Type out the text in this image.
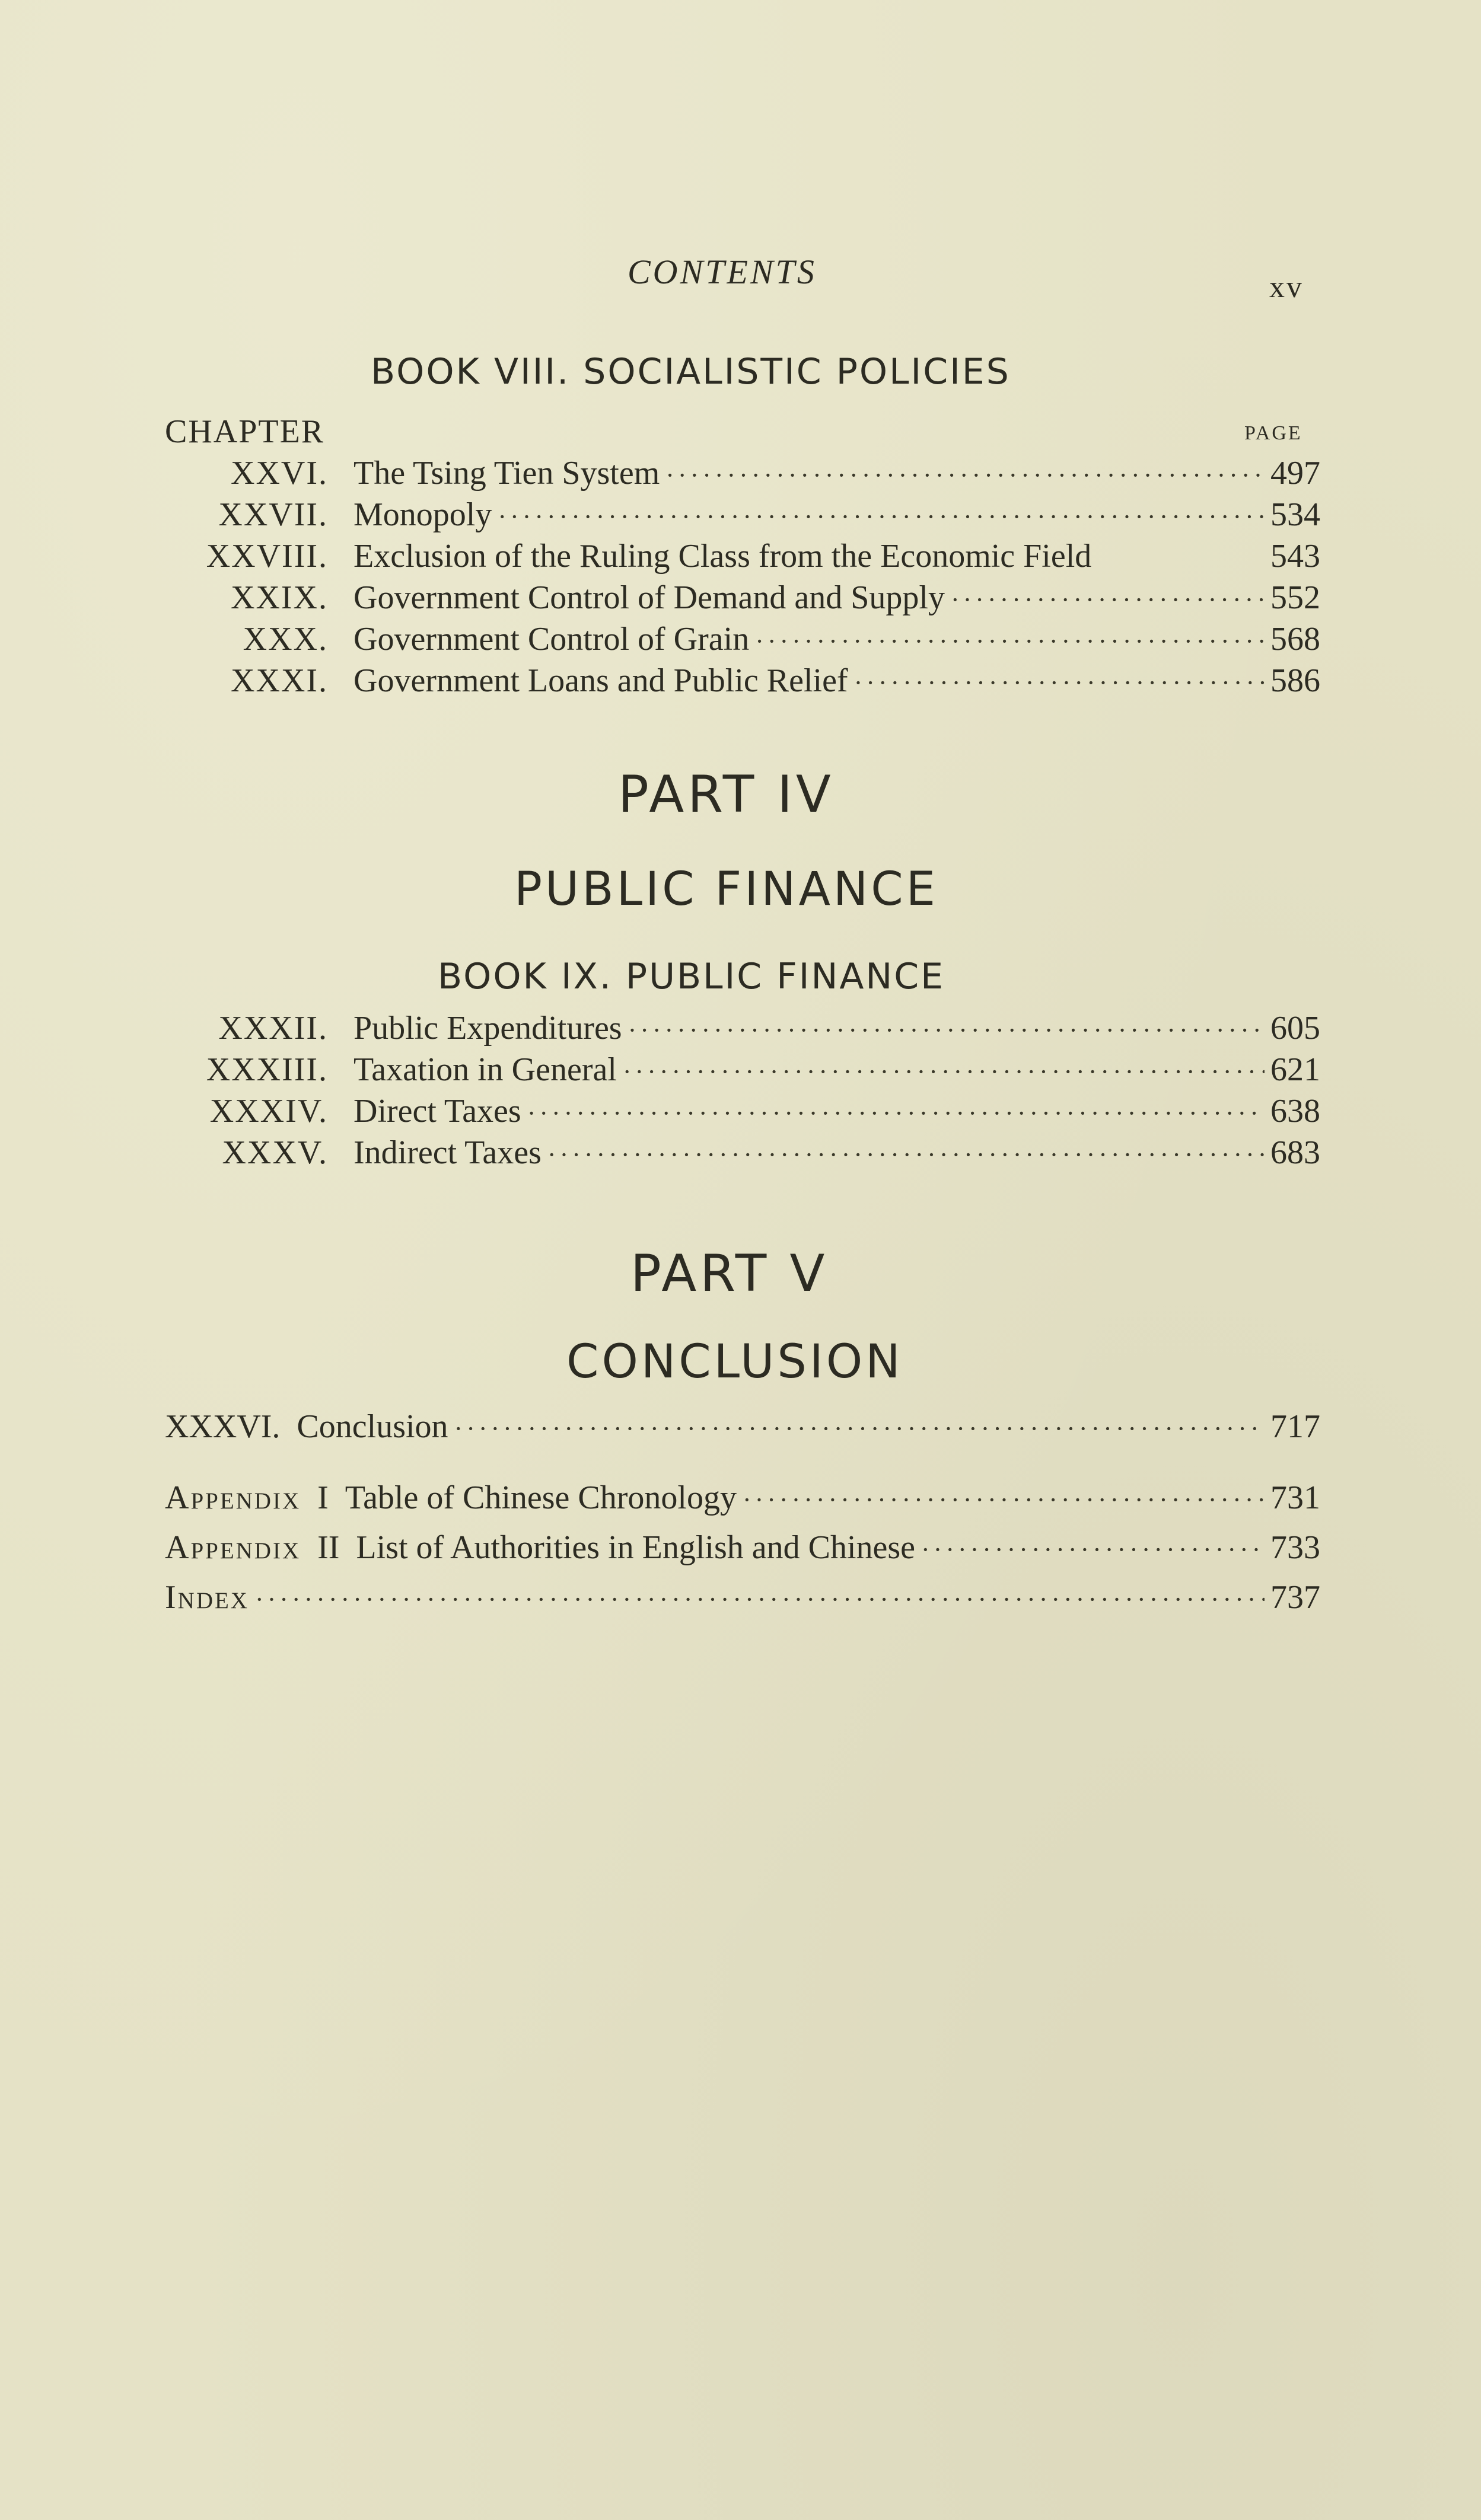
CONTENTS	xv
BOOK VIII. SOCIALISTIC POLICIES
CHAPTER	PAGE
XXVI. The Tsing Tien System ·····	497
XXVII. Monopoly ·····	534
XXVIII. Exclusion of the Ruling Class from the Economic Field	543
XXIX. Government Control of Demand and Supply ·····	552
XXX. Government Control of Grain ·····	568
XXXI. Government Loans and Public Relief ·····	586
PART IV
PUBLIC FINANCE
BOOK IX. PUBLIC FINANCE
XXXII. Public Expenditures ·····	605
XXXIII. Taxation in General ·····	621
XXXIV. Direct Taxes ·····	638
XXXV. Indirect Taxes ·····	683
PART V
CONCLUSION
XXXVI. Conclusion ·····	717
Appendix I Table of Chinese Chronology ·····	731
Appendix II List of Authorities in English and Chinese ·····	733
Index ·····	737
